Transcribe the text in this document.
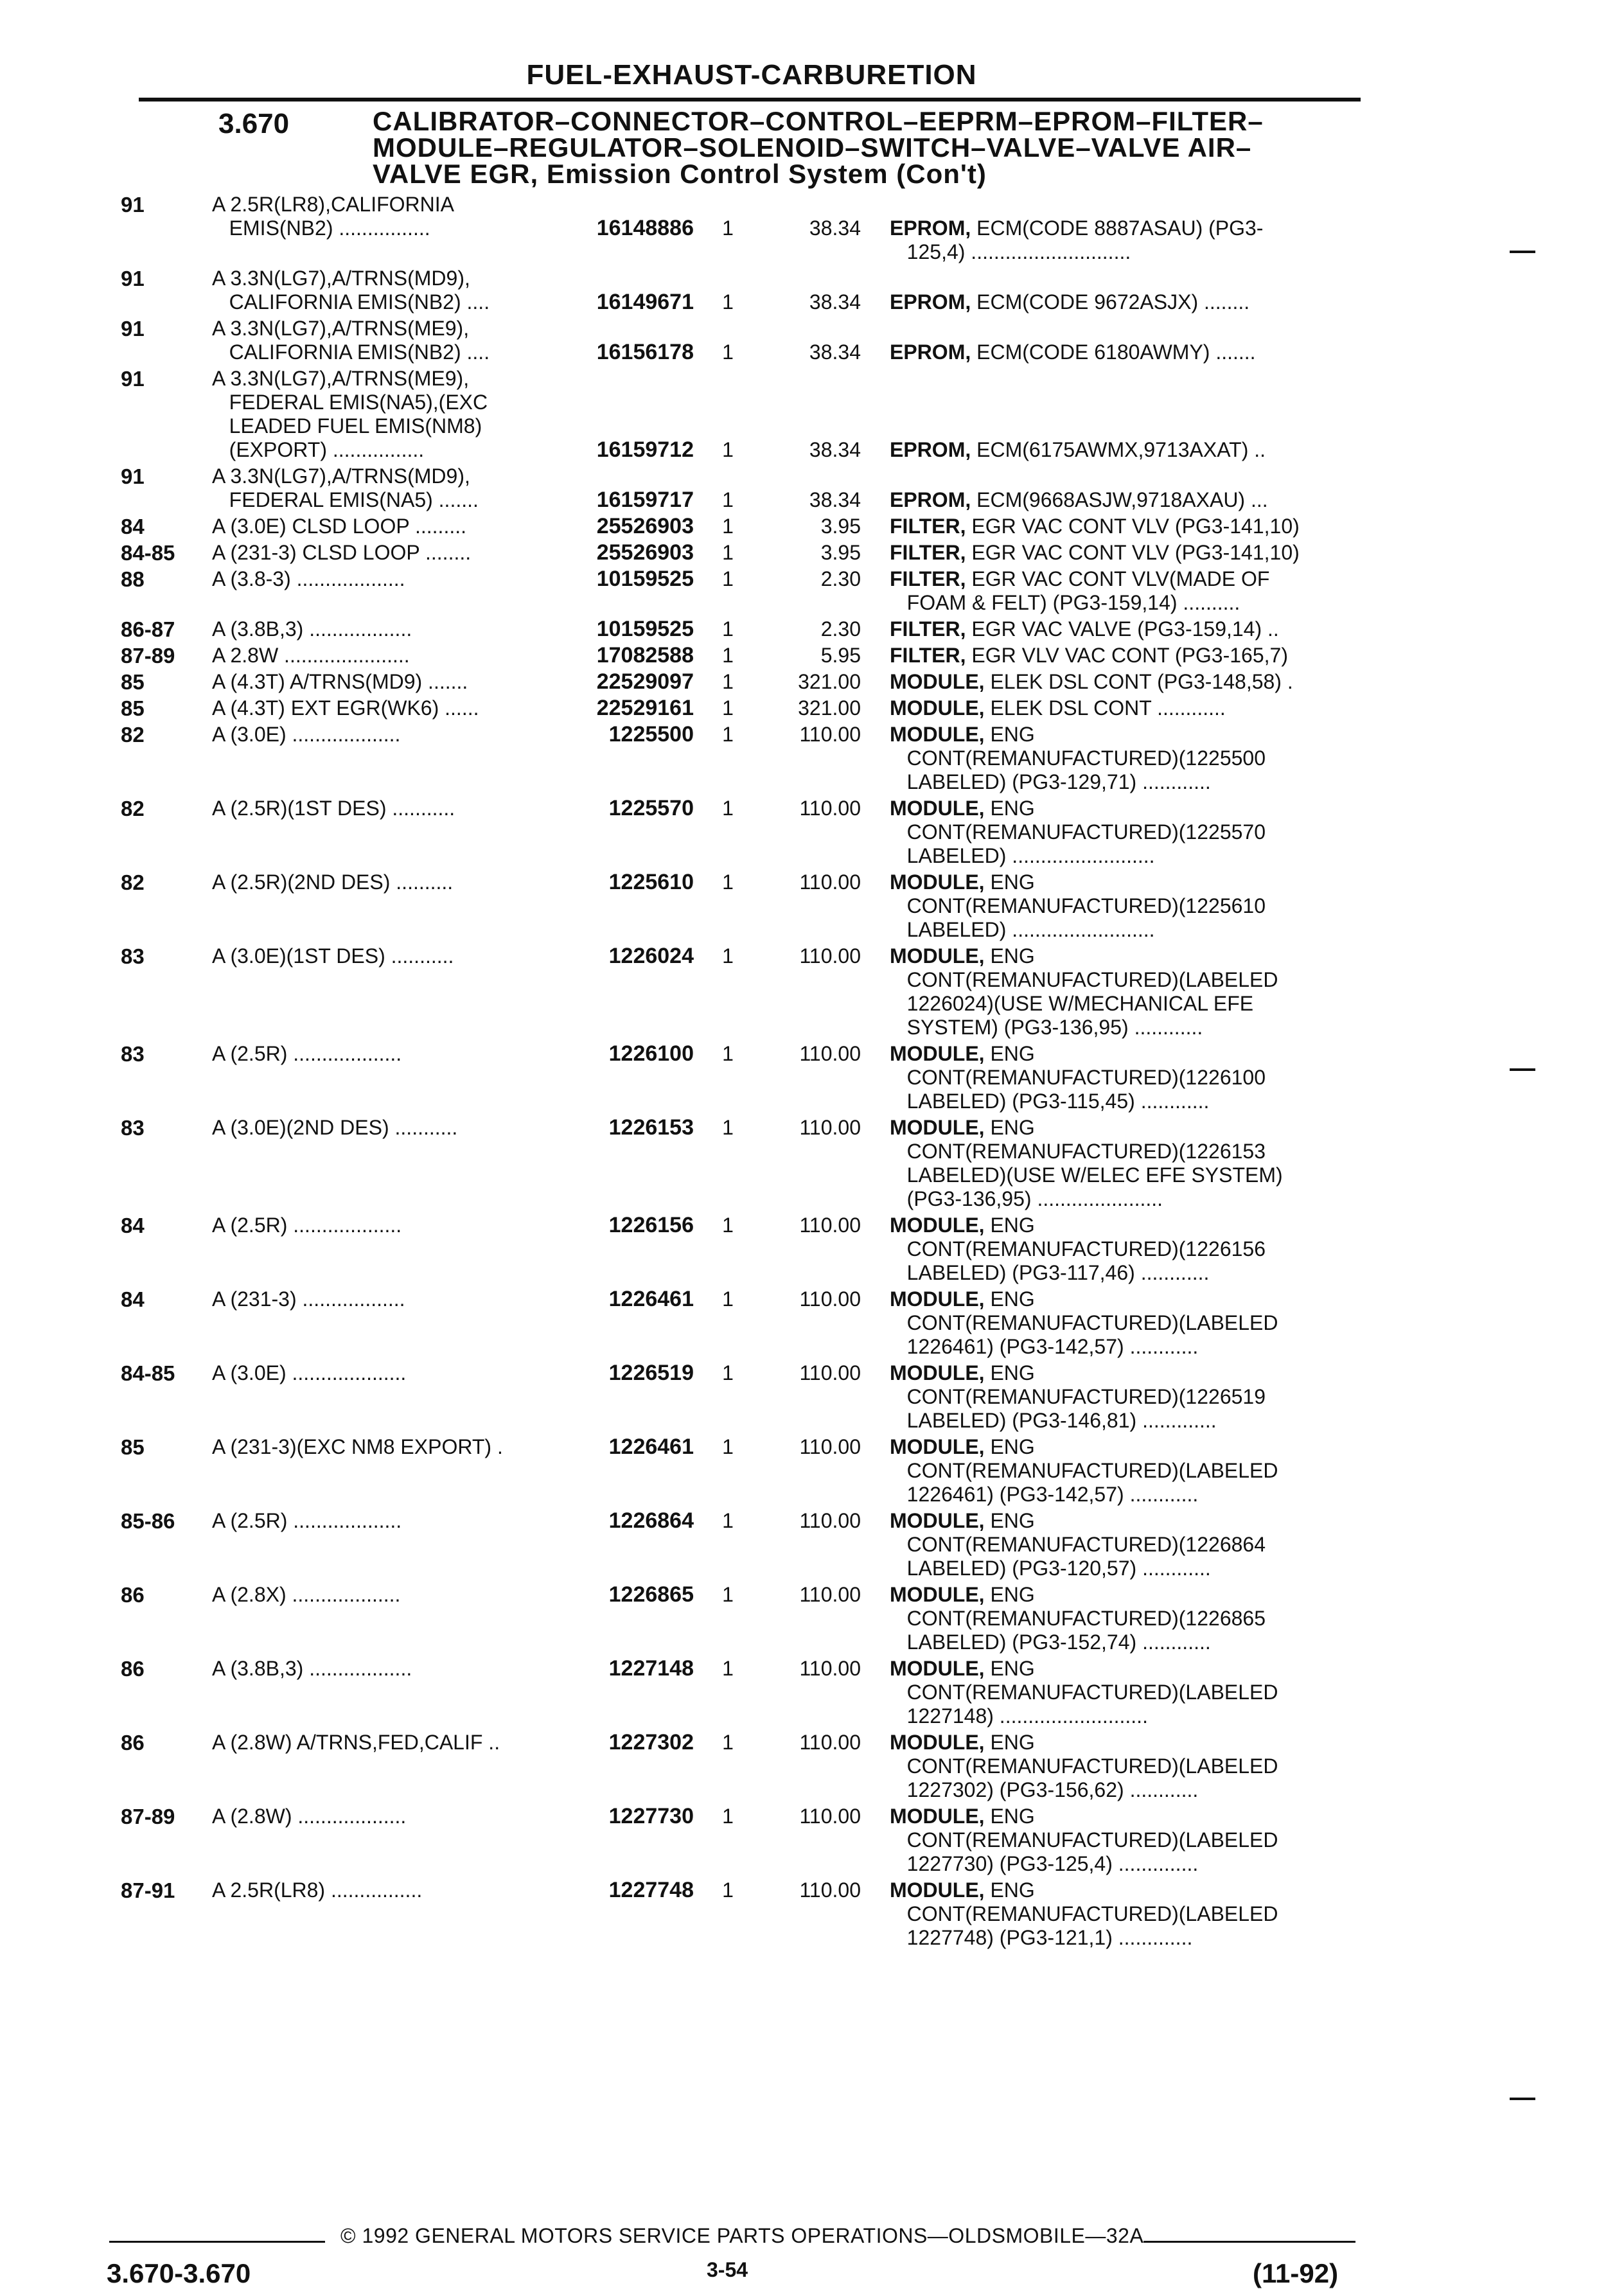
FUEL-EXHAUST-CARBURETION
3.670	CALIBRATOR–CONNECTOR–CONTROL–EEPRM–EPROM–FILTER–
MODULE–REGULATOR–SOLENOID–SWITCH–VALVE–VALVE AIR–
VALVE EGR, Emission Control System (Con't)
91	A 2.5R(LR8),CALIFORNIA
EMIS(NB2) ................	16148886 1	38.34 EPROM, ECM(CODE 8887ASAU) (PG3-
125,4) ............................
91	A 3.3N(LG7),A/TRNS(MD9),
CALIFORNIA EMIS(NB2) ....	16149671 1	38.34 EPROM, ECM(CODE 9672ASJX) ........
91	A 3.3N(LG7),A/TRNS(ME9),
CALIFORNIA EMIS(NB2) ....	16156178 1	38.34 EPROM, ECM(CODE 6180AWMY) .......
91	A 3.3N(LG7),A/TRNS(ME9),
FEDERAL EMIS(NA5),(EXC
LEADED FUEL EMIS(NM8)
(EXPORT) ................	16159712 1	38.34 EPROM, ECM(6175AWMX,9713AXAT) ..
91	A 3.3N(LG7),A/TRNS(MD9),
FEDERAL EMIS(NA5) .......	16159717 1	38.34 EPROM, ECM(9668ASJW,9718AXAU) ...
84	A (3.0E) CLSD LOOP .........	25526903 1	3.95 FILTER, EGR VAC CONT VLV (PG3-141,10)
84-85	A (231-3) CLSD LOOP ........	25526903 1	3.95 FILTER, EGR VAC CONT VLV (PG3-141,10)
88	A (3.8-3) ...................	10159525 1	2.30 FILTER, EGR VAC CONT VLV(MADE OF
FOAM & FELT) (PG3-159,14) ..........
86-87	A (3.8B,3) ..................	10159525 1	2.30 FILTER, EGR VAC VALVE (PG3-159,14) ..
87-89	A 2.8W ......................	17082588 1	5.95 FILTER, EGR VLV VAC CONT (PG3-165,7)
85	A (4.3T) A/TRNS(MD9) .......	22529097 1	321.00 MODULE, ELEK DSL CONT (PG3-148,58) .
85	A (4.3T) EXT EGR(WK6) ......	22529161 1	321.00 MODULE, ELEK DSL CONT ............
82	A (3.0E) ...................	1225500 1	110.00 MODULE, ENG
CONT(REMANUFACTURED)(1225500
LABELED) (PG3-129,71) ............
82	A (2.5R)(1ST DES) ...........	1225570 1	110.00 MODULE, ENG
CONT(REMANUFACTURED)(1225570
LABELED) .........................
82	A (2.5R)(2ND DES) ..........	1225610 1	110.00 MODULE, ENG
CONT(REMANUFACTURED)(1225610
LABELED) .........................
83	A (3.0E)(1ST DES) ...........	1226024 1	110.00 MODULE, ENG
CONT(REMANUFACTURED)(LABELED
1226024)(USE W/MECHANICAL EFE
SYSTEM) (PG3-136,95) ............
83	A (2.5R) ...................	1226100 1	110.00 MODULE, ENG
CONT(REMANUFACTURED)(1226100
LABELED) (PG3-115,45) ............
83	A (3.0E)(2ND DES) ...........	1226153 1	110.00 MODULE, ENG
CONT(REMANUFACTURED)(1226153
LABELED)(USE W/ELEC EFE SYSTEM)
(PG3-136,95) ......................
84	A (2.5R) ...................	1226156 1	110.00 MODULE, ENG
CONT(REMANUFACTURED)(1226156
LABELED) (PG3-117,46) ............
84	A (231-3) ..................	1226461 1	110.00 MODULE, ENG
CONT(REMANUFACTURED)(LABELED
1226461) (PG3-142,57) ............
84-85	A (3.0E) ....................	1226519 1	110.00 MODULE, ENG
CONT(REMANUFACTURED)(1226519
LABELED) (PG3-146,81) .............
85	A (231-3)(EXC NM8 EXPORT) .	1226461 1	110.00 MODULE, ENG
CONT(REMANUFACTURED)(LABELED
1226461) (PG3-142,57) ............
85-86	A (2.5R) ...................	1226864 1	110.00 MODULE, ENG
CONT(REMANUFACTURED)(1226864
LABELED) (PG3-120,57) ............
86	A (2.8X) ...................	1226865 1	110.00 MODULE, ENG
CONT(REMANUFACTURED)(1226865
LABELED) (PG3-152,74) ............
86	A (3.8B,3) ..................	1227148 1	110.00 MODULE, ENG
CONT(REMANUFACTURED)(LABELED
1227148) ..........................
86	A (2.8W) A/TRNS,FED,CALIF ..	1227302 1	110.00 MODULE, ENG
CONT(REMANUFACTURED)(LABELED
1227302) (PG3-156,62) ............
87-89	A (2.8W) ...................	1227730 1	110.00 MODULE, ENG
CONT(REMANUFACTURED)(LABELED
1227730) (PG3-125,4) ..............
87-91	A 2.5R(LR8) ................	1227748 1	110.00 MODULE, ENG
CONT(REMANUFACTURED)(LABELED
1227748) (PG3-121,1) .............
© 1992 GENERAL MOTORS SERVICE PARTS OPERATIONS—OLDSMOBILE—32A
3.670-3.670	3-54	(11-92)
